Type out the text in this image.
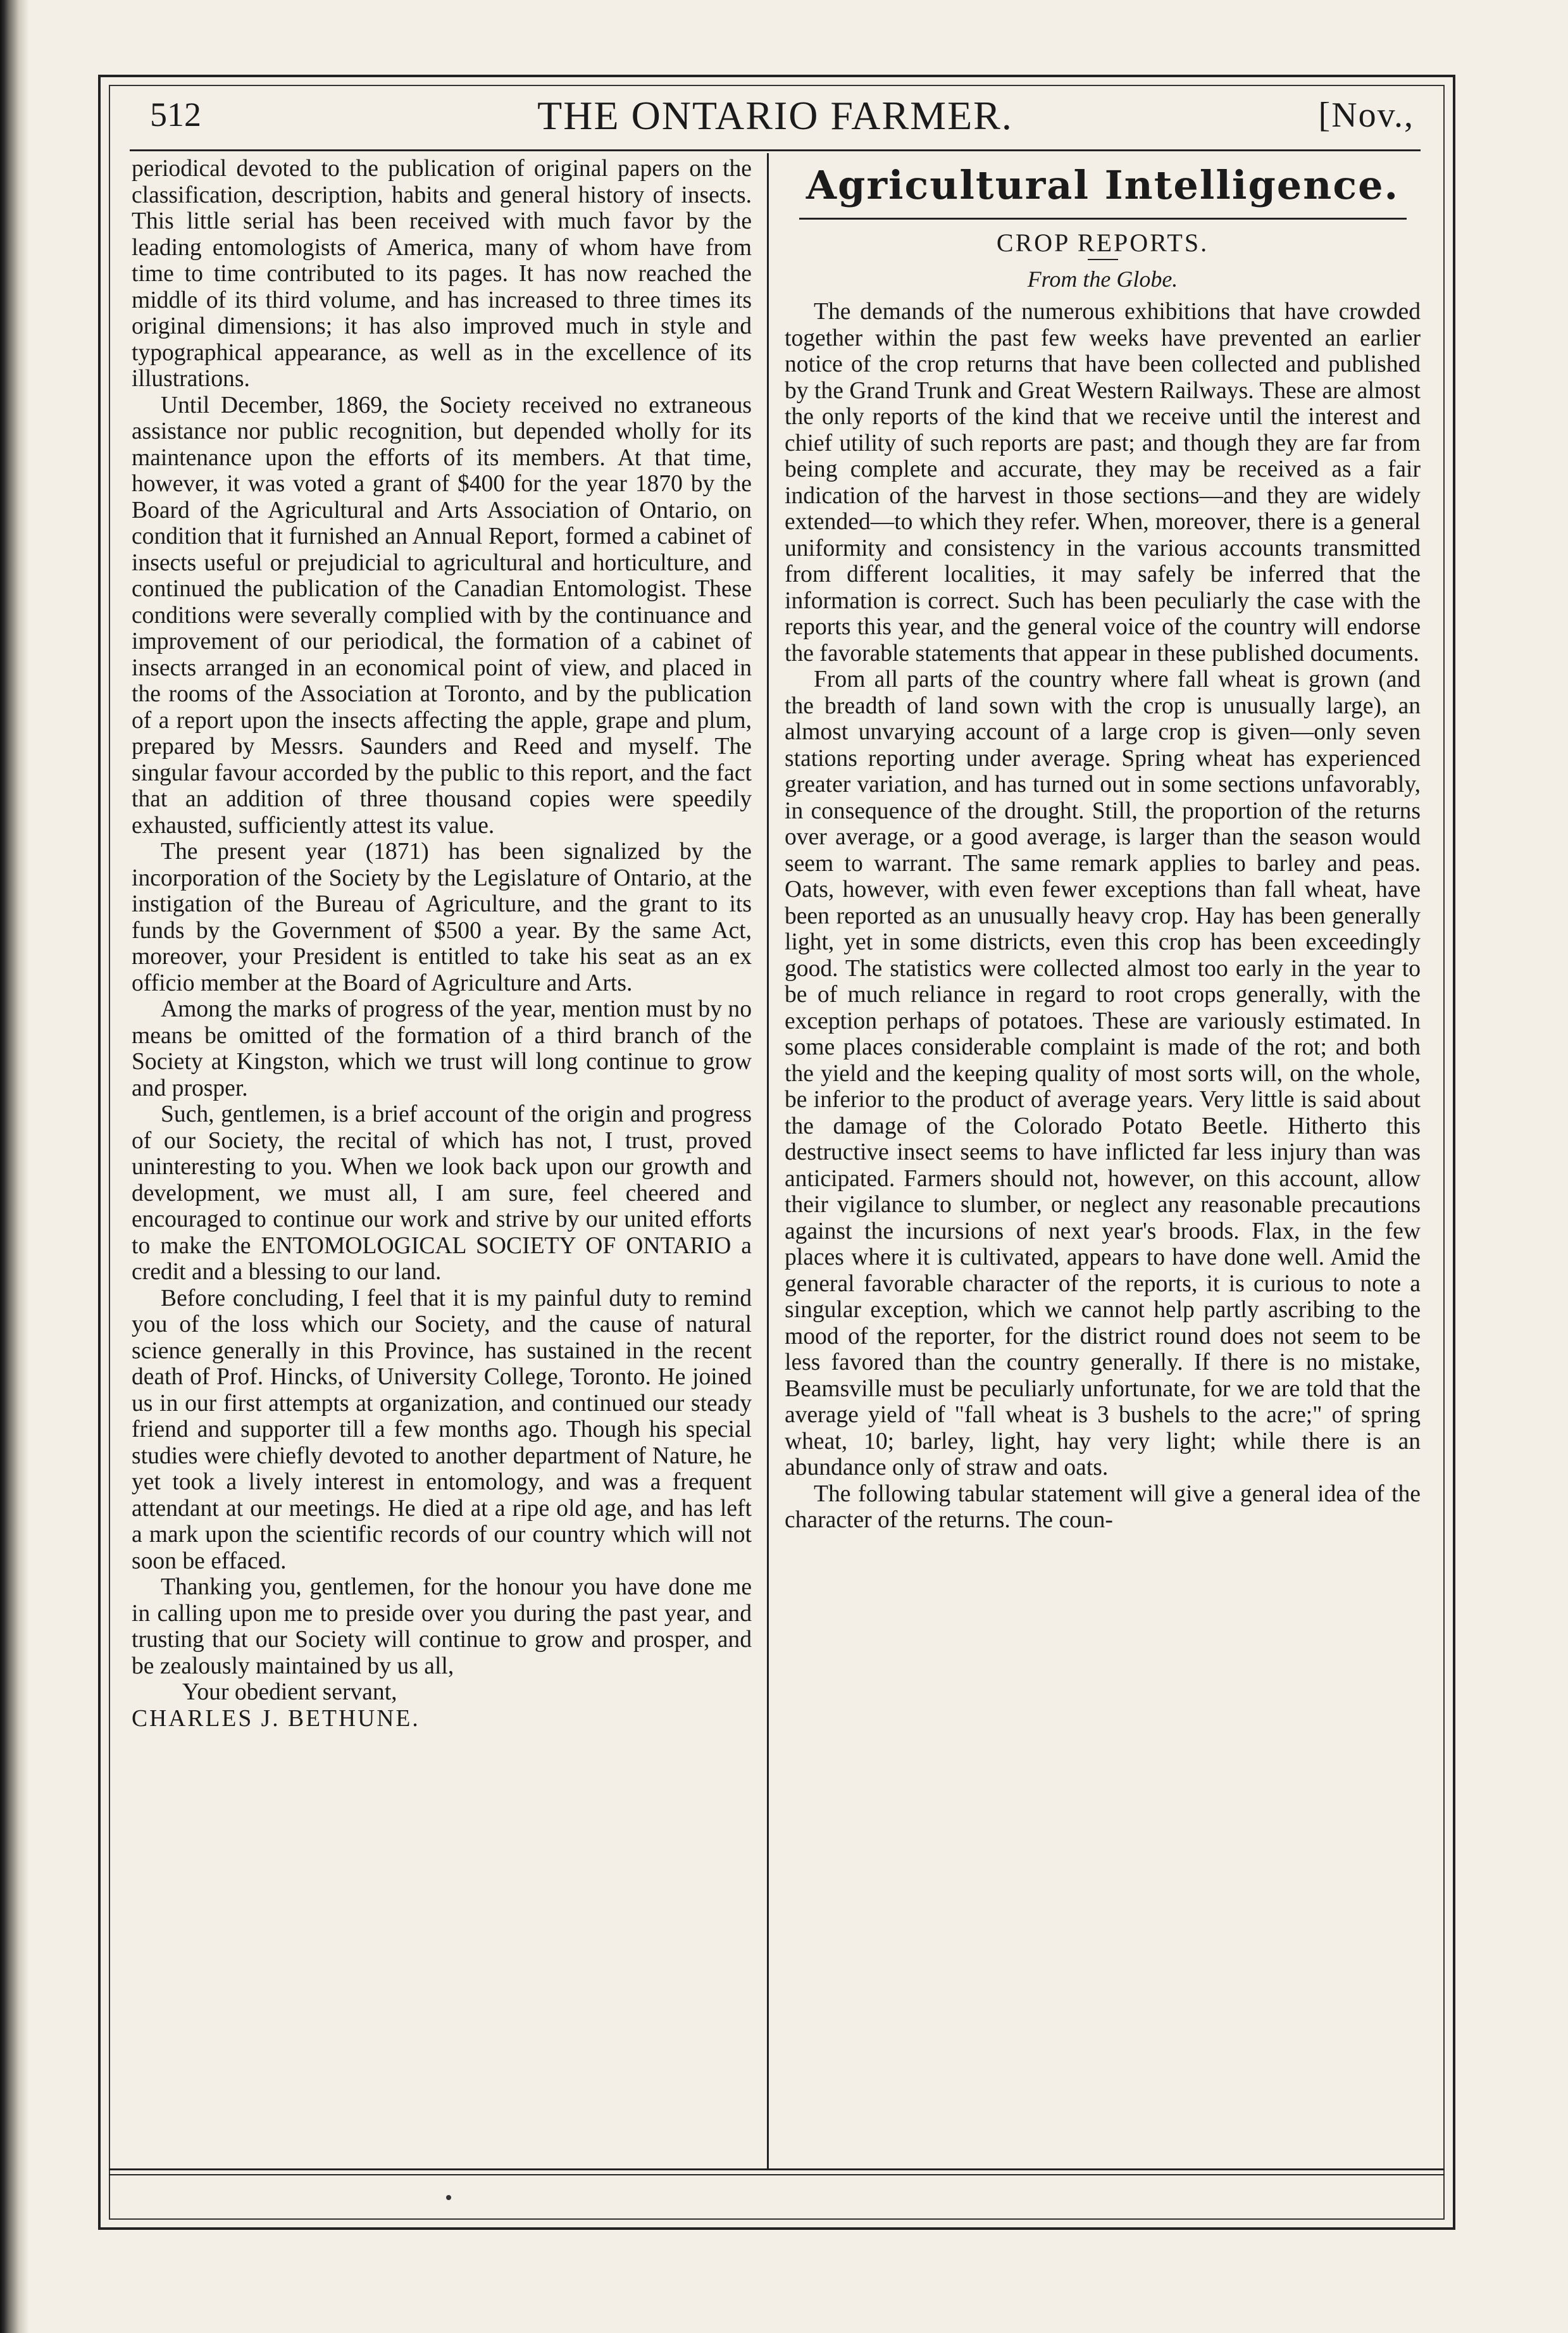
512	THE ONTARIO FARMER.	[Nov.,

periodical devoted to the publication of original papers on the classification, description, habits and general history of insects. This little serial has been received with much favor by the leading entomologists of America, many of whom have from time to time contributed to its pages. It has now reached the middle of its third volume, and has increased to three times its original dimensions; it has also improved much in style and typographical appearance, as well as in the excellence of its illustrations.

Until December, 1869, the Society received no extraneous assistance nor public recognition, but depended wholly for its maintenance upon the efforts of its members. At that time, however, it was voted a grant of $400 for the year 1870 by the Board of the Agricultural and Arts Association of Ontario, on condition that it furnished an Annual Report, formed a cabinet of insects useful or prejudicial to agricultural and horticulture, and continued the publication of the Canadian Entomologist. These conditions were severally complied with by the continuance and improvement of our periodical, the formation of a cabinet of insects arranged in an economical point of view, and placed in the rooms of the Association at Toronto, and by the publication of a report upon the insects affecting the apple, grape and plum, prepared by Messrs. Saunders and Reed and myself. The singular favour accorded by the public to this report, and the fact that an addition of three thousand copies were speedily exhausted, sufficiently attest its value.

The present year (1871) has been signalized by the incorporation of the Society by the Legislature of Ontario, at the instigation of the Bureau of Agriculture, and the grant to its funds by the Government of $500 a year. By the same Act, moreover, your President is entitled to take his seat as an ex officio member at the Board of Agriculture and Arts.

Among the marks of progress of the year, mention must by no means be omitted of the formation of a third branch of the Society at Kingston, which we trust will long continue to grow and prosper.

Such, gentlemen, is a brief account of the origin and progress of our Society, the recital of which has not, I trust, proved uninteresting to you. When we look back upon our growth and development, we must all, I am sure, feel cheered and encouraged to continue our work and strive by our united efforts to make the ENTOMOLOGICAL SOCIETY OF ONTARIO a credit and a blessing to our land.

Before concluding, I feel that it is my painful duty to remind you of the loss which our Society, and the cause of natural science generally in this Province, has sustained in the recent death of Prof. Hincks, of University College, Toronto. He joined us in our first attempts at organization, and continued our steady friend and supporter till a few months ago. Though his special studies were chiefly devoted to another department of Nature, he yet took a lively interest in entomology, and was a frequent attendant at our meetings. He died at a ripe old age, and has left a mark upon the scientific records of our country which will not soon be effaced.

Thanking you, gentlemen, for the honour you have done me in calling upon me to preside over you during the past year, and trusting that our Society will continue to grow and prosper, and be zealously maintained by us all,

Your obedient servant,

CHARLES J. BETHUNE.

Agricultural Intelligence.
CROP REPORTS.
From the Globe.

The demands of the numerous exhibitions that have crowded together within the past few weeks have prevented an earlier notice of the crop returns that have been collected and published by the Grand Trunk and Great Western Railways. These are almost the only reports of the kind that we receive until the interest and chief utility of such reports are past; and though they are far from being complete and accurate, they may be received as a fair indication of the harvest in those sections—and they are widely extended—to which they refer. When, moreover, there is a general uniformity and consistency in the various accounts transmitted from different localities, it may safely be inferred that the information is correct. Such has been peculiarly the case with the reports this year, and the general voice of the country will endorse the favorable statements that appear in these published documents.

From all parts of the country where fall wheat is grown (and the breadth of land sown with the crop is unusually large), an almost unvarying account of a large crop is given—only seven stations reporting under average. Spring wheat has experienced greater variation, and has turned out in some sections unfavorably, in consequence of the drought. Still, the proportion of the returns over average, or a good average, is larger than the season would seem to warrant. The same remark applies to barley and peas. Oats, however, with even fewer exceptions than fall wheat, have been reported as an unusually heavy crop. Hay has been generally light, yet in some districts, even this crop has been exceedingly good. The statistics were collected almost too early in the year to be of much reliance in regard to root crops generally, with the exception perhaps of potatoes. These are variously estimated. In some places considerable complaint is made of the rot; and both the yield and the keeping quality of most sorts will, on the whole, be inferior to the product of average years. Very little is said about the damage of the Colorado Potato Beetle. Hitherto this destructive insect seems to have inflicted far less injury than was anticipated. Farmers should not, however, on this account, allow their vigilance to slumber, or neglect any reasonable precautions against the incursions of next year's broods. Flax, in the few places where it is cultivated, appears to have done well. Amid the general favorable character of the reports, it is curious to note a singular exception, which we cannot help partly ascribing to the mood of the reporter, for the district round does not seem to be less favored than the country generally. If there is no mistake, Beamsville must be peculiarly unfortunate, for we are told that the average yield of "fall wheat is 3 bushels to the acre;" of spring wheat, 10; barley, light, hay very light; while there is an abundance only of straw and oats.

The following tabular statement will give a general idea of the character of the returns. The coun-
